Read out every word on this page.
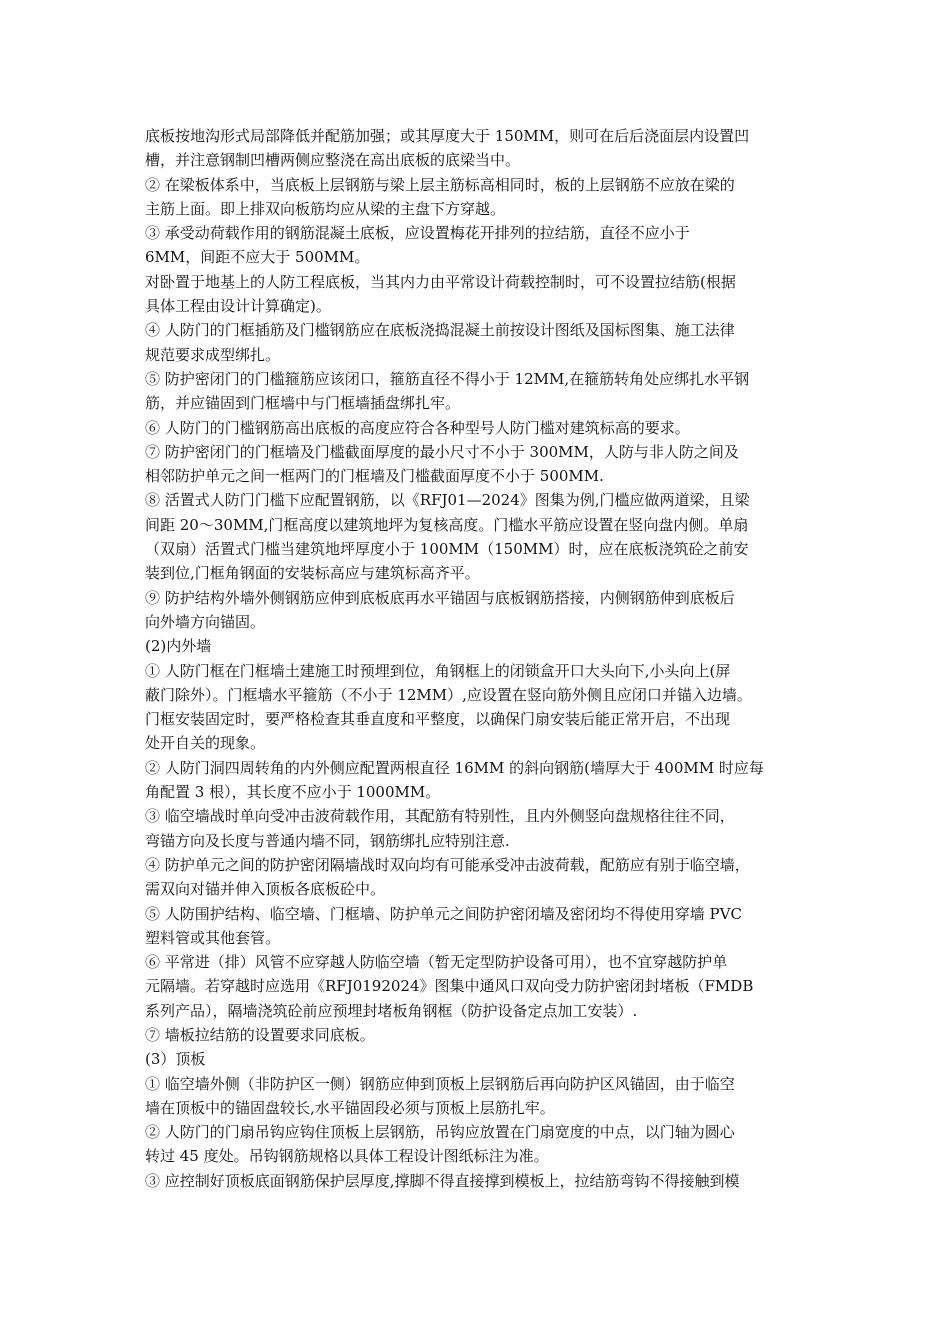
底板按地沟形式局部降低并配筋加强；或其厚度大于 150MM，则可在后后浇面层内设置凹
槽，并注意钢制凹槽两侧应整浇在高出底板的底梁当中。

② 在梁板体系中，当底板上层钢筋与梁上层主筋标高相同时，板的上层钢筋不应放在梁的
主筋上面。即上排双向板筋均应从梁的主盘下方穿越。

③ 承受动荷载作用的钢筋混凝土底板，应设置梅花开排列的拉结筋，直径不应小于
6MM，间距不应大于 500MM。

对卧置于地基上的人防工程底板，当其内力由平常设计荷载控制时，可不设置拉结筋(根据
具体工程由设计计算确定)。

④ 人防门的门框插筋及门槛钢筋应在底板浇捣混凝土前按设计图纸及国标图集、施工法律
规范要求成型绑扎。

⑤ 防护密闭门的门槛箍筋应该闭口，箍筋直径不得小于 12MM,在箍筋转角处应绑扎水平钢
筋，并应锚固到门框墙中与门框墙插盘绑扎牢。

⑥ 人防门的门槛钢筋高出底板的高度应符合各种型号人防门槛对建筑标高的要求。

⑦ 防护密闭门的门框墙及门槛截面厚度的最小尺寸不小于 300MM，人防与非人防之间及
相邻防护单元之间一框两门的门框墙及门槛截面厚度不小于 500MM.

⑧ 活置式人防门门槛下应配置钢筋，以《RFJ01—2024》图集为例,门槛应做两道梁，且梁
间距 20～30MM,门框高度以建筑地坪为复核高度。门槛水平筋应设置在竖向盘内侧。单扇
（双扇）活置式门槛当建筑地坪厚度小于 100MM（150MM）时，应在底板浇筑砼之前安
装到位,门框角钢面的安装标高应与建筑标高齐平。

⑨ 防护结构外墙外侧钢筋应伸到底板底再水平锚固与底板钢筋搭接，内侧钢筋伸到底板后
向外墙方向锚固。

(2)内外墙

① 人防门框在门框墙土建施工时预埋到位，角钢框上的闭锁盒开口大头向下,小头向上(屏
蔽门除外）。门框墙水平箍筋（不小于 12MM）,应设置在竖向筋外侧且应闭口并锚入边墙。
门框安装固定时，要严格检查其垂直度和平整度，以确保门扇安装后能正常开启，不出现
处开自关的现象。

② 人防门洞四周转角的内外侧应配置两根直径 16MM 的斜向钢筋(墙厚大于 400MM 时应每
角配置 3 根），其长度不应小于 1000MM。

③ 临空墙战时单向受冲击波荷载作用，其配筋有特别性，且内外侧竖向盘规格往往不同，
弯锚方向及长度与普通内墙不同，钢筋绑扎应特别注意.

④ 防护单元之间的防护密闭隔墙战时双向均有可能承受冲击波荷载，配筋应有别于临空墙，
需双向对锚并伸入顶板各底板砼中。

⑤ 人防围护结构、临空墙、门框墙、防护单元之间防护密闭墙及密闭均不得使用穿墙 PVC
塑料管或其他套管。

⑥ 平常进（排）风管不应穿越人防临空墙（暂无定型防护设备可用），也不宜穿越防护单
元隔墙。若穿越时应选用《RFJ0192024》图集中通风口双向受力防护密闭封堵板（FMDB
系列产品），隔墙浇筑砼前应预埋封堵板角钢框（防护设备定点加工安装）.

⑦ 墙板拉结筋的设置要求同底板。

(3）顶板

① 临空墙外侧（非防护区一侧）钢筋应伸到顶板上层钢筋后再向防护区风锚固，由于临空
墙在顶板中的锚固盘较长,水平锚固段必须与顶板上层筋扎牢。

② 人防门的门扇吊钩应钩住顶板上层钢筋，吊钩应放置在门扇宽度的中点，以门轴为圆心
转过 45 度处。吊钩钢筋规格以具体工程设计图纸标注为准。

③ 应控制好顶板底面钢筋保护层厚度,撑脚不得直接撑到模板上，拉结筋弯钩不得接触到模
